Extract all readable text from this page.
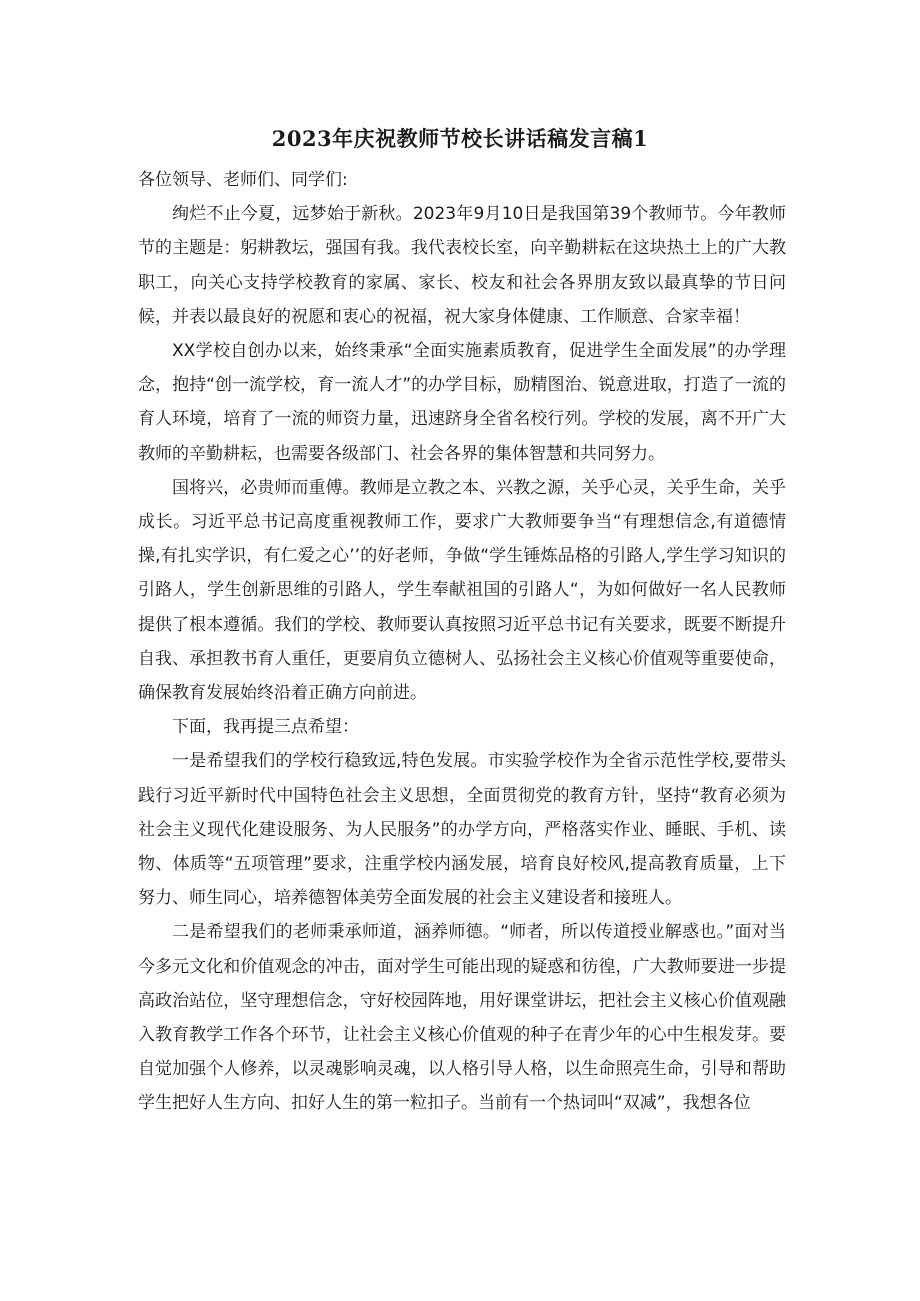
2023年庆祝教师节校长讲话稿发言稿1

各位领导、老师们、同学们:

绚烂不止今夏，远梦始于新秋。2023年9月10日是我国第39个教师节。今年教师节的主题是：躬耕教坛，强国有我。我代表校长室，向辛勤耕耘在这块热土上的广大教职工，向关心支持学校教育的家属、家长、校友和社会各界朋友致以最真挚的节日问候，并表以最良好的祝愿和衷心的祝福，祝大家身体健康、工作顺意、合家幸福！

XX学校自创办以来，始终秉承“全面实施素质教育，促进学生全面发展”的办学理念，抱持“创一流学校，育一流人才”的办学目标，励精图治、锐意进取，打造了一流的育人环境，培育了一流的师资力量，迅速跻身全省名校行列。学校的发展，离不开广大教师的辛勤耕耘，也需要各级部门、社会各界的集体智慧和共同努力。

国将兴，必贵师而重傅。教师是立教之本、兴教之源，关乎心灵，关乎生命，关乎成长。习近平总书记高度重视教师工作，要求广大教师要争当“有理想信念,有道德情操,有扎实学识，有仁爱之心’’的好老师，争做“学生锤炼品格的引路人,学生学习知识的引路人，学生创新思维的引路人，学生奉献祖国的引路人“，为如何做好一名人民教师提供了根本遵循。我们的学校、教师要认真按照习近平总书记有关要求，既要不断提升自我、承担教书育人重任，更要肩负立德树人、弘扬社会主义核心价值观等重要使命，确保教育发展始终沿着正确方向前进。

下面，我再提三点希望：

一是希望我们的学校行稳致远,特色发展。市实验学校作为全省示范性学校,要带头践行习近平新时代中国特色社会主义思想，全面贯彻党的教育方针，坚持“教育必须为社会主义现代化建设服务、为人民服务”的办学方向，严格落实作业、睡眠、手机、读物、体质等“五项管理”要求，注重学校内涵发展，培育良好校风,提高教育质量，上下努力、师生同心，培养德智体美劳全面发展的社会主义建设者和接班人。

二是希望我们的老师秉承师道，涵养师德。“师者，所以传道授业解惑也。”面对当今多元文化和价值观念的冲击，面对学生可能出现的疑惑和彷徨，广大教师要进一步提高政治站位，坚守理想信念，守好校园阵地，用好课堂讲坛，把社会主义核心价值观融入教育教学工作各个环节，让社会主义核心价值观的种子在青少年的心中生根发芽。要自觉加强个人修养，以灵魂影响灵魂，以人格引导人格，以生命照亮生命，引导和帮助学生把好人生方向、扣好人生的第一粒扣子。当前有一个热词叫“双减”，我想各位
